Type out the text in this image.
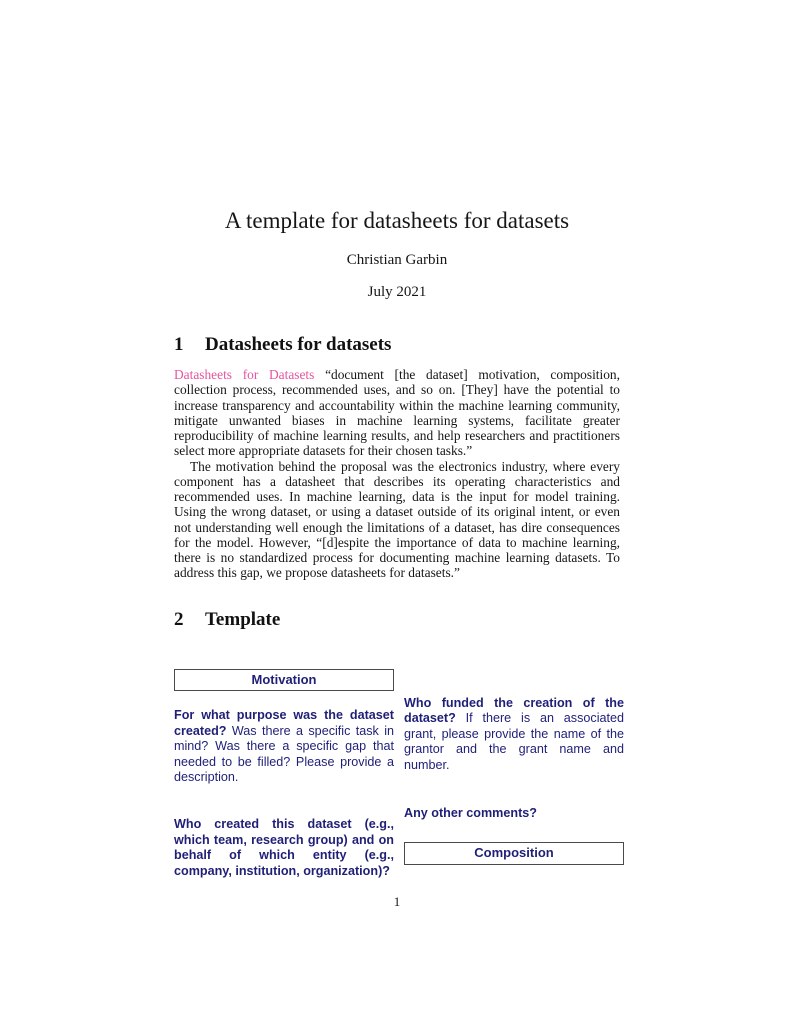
A template for datasheets for datasets
Christian Garbin
July 2021
1 Datasheets for datasets

Datasheets for Datasets “document [the dataset] motivation, composition, collection process, recommended uses, and so on. [They] have the potential to increase transparency and accountability within the machine learning community, mitigate unwanted biases in machine learning systems, facilitate greater reproducibility of machine learning results, and help researchers and practitioners select more appropriate datasets for their chosen tasks.”

The motivation behind the proposal was the electronics industry, where every component has a datasheet that describes its operating characteristics and recommended uses. In machine learning, data is the input for model training. Using the wrong dataset, or using a dataset outside of its original intent, or even not understanding well enough the limitations of a dataset, has dire consequences for the model. However, “[d]espite the importance of data to machine learning, there is no standardized process for documenting machine learning datasets. To address this gap, we propose datasheets for datasets.”

2 Template
Motivation

For what purpose was the dataset created? Was there a specific task in mind? Was there a specific gap that needed to be filled? Please provide a description.

Who created this dataset (e.g., which team, research group) and on behalf of which entity (e.g., company, institution, organization)?

Who funded the creation of the dataset? If there is an associated grant, please provide the name of the grantor and the grant name and number.

Any other comments?

Composition
1
